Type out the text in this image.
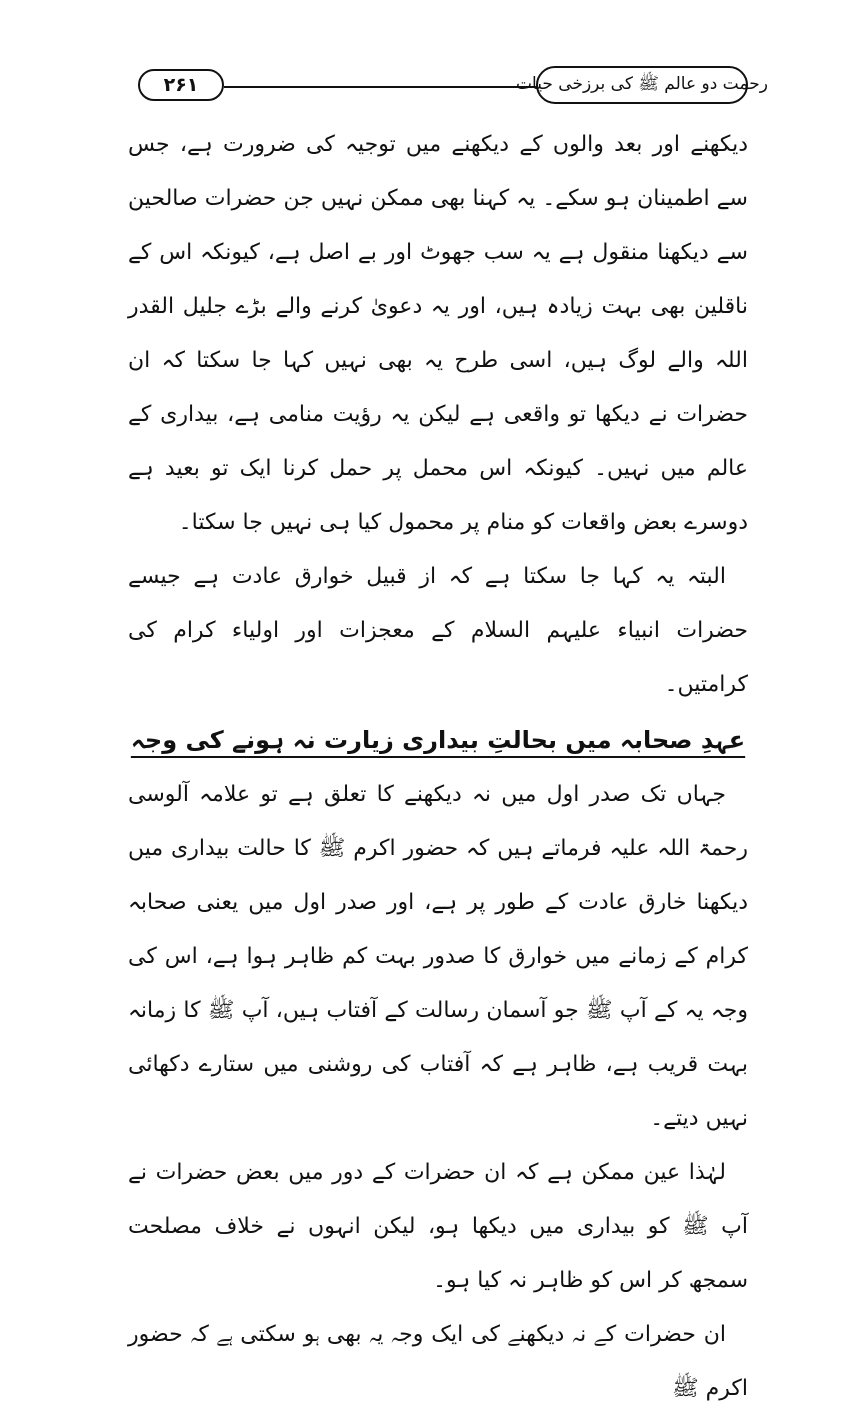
۲۶۱	رحمت دو عالم ﷺ کی برزخی حیات

دیکھنے اور بعد والوں کے دیکھنے میں توجیہ کی ضرورت ہے، جس سے اطمینان ہو سکے۔ یہ کہنا بھی ممکن نہیں جن حضرات صالحین سے دیکھنا منقول ہے یہ سب جھوٹ اور بے اصل ہے، کیونکہ اس کے ناقلین بھی بہت زیادہ ہیں، اور یہ دعویٰ کرنے والے بڑے جلیل القدر اللہ والے لوگ ہیں، اسی طرح یہ بھی نہیں کہا جا سکتا کہ ان حضرات نے دیکھا تو واقعی ہے لیکن یہ رؤیت منامی ہے، بیداری کے عالم میں نہیں۔ کیونکہ اس محمل پر حمل کرنا ایک تو بعید ہے دوسرے بعض واقعات کو منام پر محمول کیا ہی نہیں جا سکتا۔

البتہ یہ کہا جا سکتا ہے کہ از قبیل خوارق عادت ہے جیسے حضرات انبیاء علیہم السلام کے معجزات اور اولیاء کرام کی کرامتیں۔

عہدِ صحابہ میں بحالتِ بیداری زیارت نہ ہونے کی وجہ

جہاں تک صدر اول میں نہ دیکھنے کا تعلق ہے تو علامہ آلوسی رحمۃ اللہ علیہ فرماتے ہیں کہ حضور اکرم ﷺ کا حالت بیداری میں دیکھنا خارق عادت کے طور پر ہے، اور صدر اول میں یعنی صحابہ کرام کے زمانے میں خوارق کا صدور بہت کم ظاہر ہوا ہے، اس کی وجہ یہ کے آپ ﷺ جو آسمان رسالت کے آفتاب ہیں، آپ ﷺ کا زمانہ بہت قریب ہے، ظاہر ہے کہ آفتاب کی روشنی میں ستارے دکھائی نہیں دیتے۔

لہٰذا عین ممکن ہے کہ ان حضرات کے دور میں بعض حضرات نے آپ ﷺ کو بیداری میں دیکھا ہو، لیکن انہوں نے خلاف مصلحت سمجھ کر اس کو ظاہر نہ کیا ہو۔

ان حضرات کے نہ دیکھنے کی ایک وجہ یہ بھی ہو سکتی ہے کہ حضور اکرم ﷺ
